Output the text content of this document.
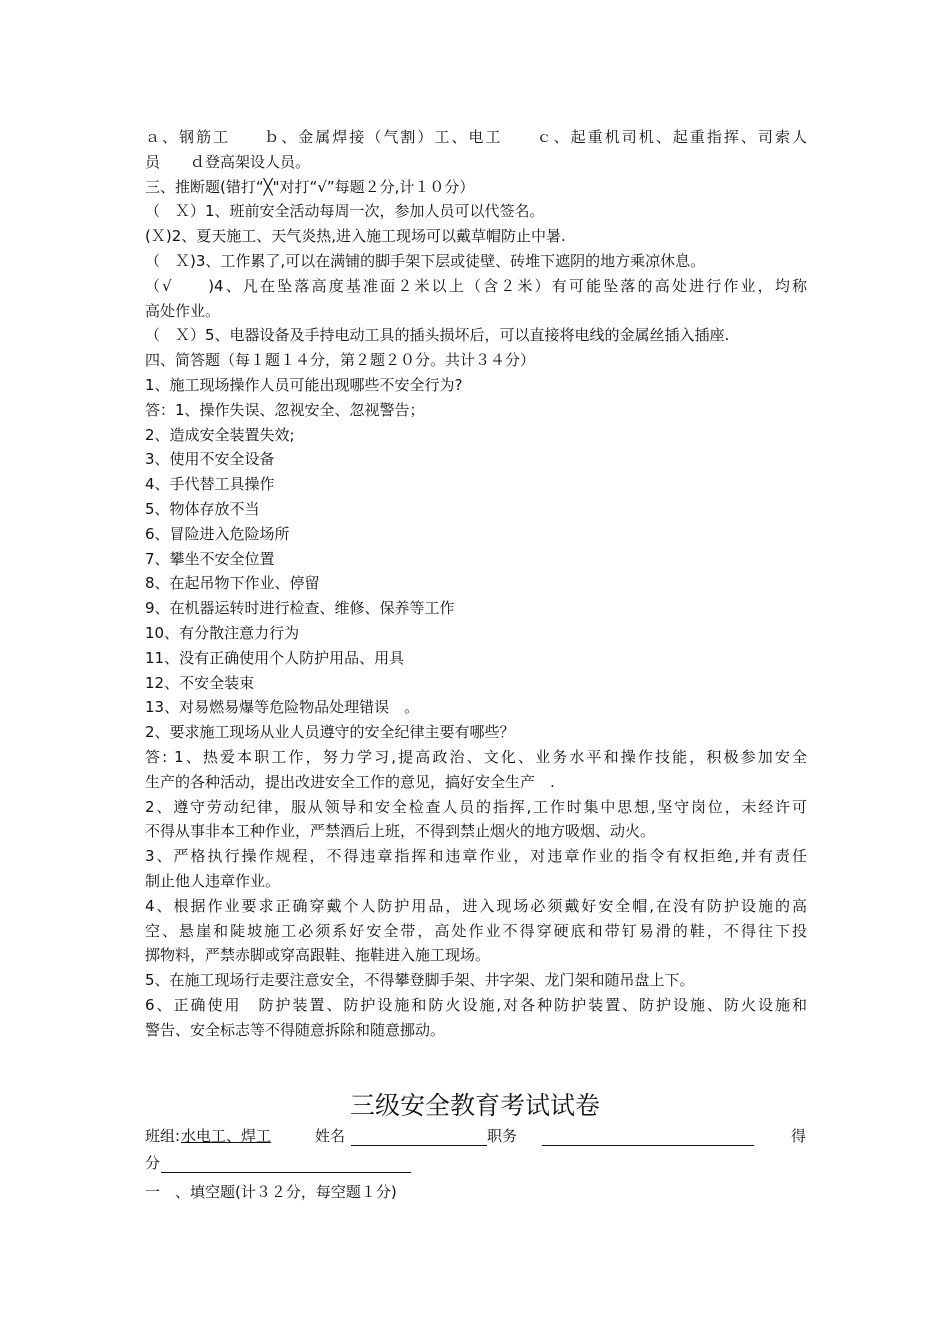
ａ、钢筋工　　ｂ、金属焊接（气割）工、电工　　ｃ、起重机司机、起重指挥、司索人
员　　ｄ登高架设人员。
三、推断题(错打“╳"对打“√”每题２分,计１０分）
（　Ｘ）1、班前安全活动每周一次，参加人员可以代签名。
(Ｘ)2、夏天施工、天气炎热,进入施工现场可以戴草帽防止中暑.
（　Ｘ)3、工作累了,可以在满铺的脚手架下层或徒壁、砖堆下遮阴的地方乘凉休息。
（√　　)4、凡在坠落高度基准面２米以上（含２米）有可能坠落的高处进行作业，均称
高处作业。
（　Ｘ）5、电器设备及手持电动工具的插头损坏后，可以直接将电线的金属丝插入插座.
四、简答题（每１题１４分，第２题２０分。共计３４分）
1、施工现场操作人员可能出现哪些不安全行为?
答：1、操作失误、忽视安全、忽视警告；
2、造成安全装置失效;
3、使用不安全设备
4、手代替工具操作
5、物体存放不当
6、冒险进入危险场所
7、攀坐不安全位置
8、在起吊物下作业、停留
9、在机器运转时进行检查、维修、保养等工作
10、有分散注意力行为
11、没有正确使用个人防护用品、用具
12、不安全装束
13、对易燃易爆等危险物品处理错误　。
2、要求施工现场从业人员遵守的安全纪律主要有哪些？
答: 1、热爱本职工作，努力学习,提高政治、文化、业务水平和操作技能，积极参加安全
生产的各种活动，提出改进安全工作的意见，搞好安全生产　.
2、遵守劳动纪律，服从领导和安全检查人员的指挥,工作时集中思想,坚守岗位，未经许可
不得从事非本工种作业，严禁酒后上班，不得到禁止烟火的地方吸烟、动火。
3、严格执行操作规程，不得违章指挥和违章作业，对违章作业的指令有权拒绝,并有责任
制止他人违章作业。
4、根据作业要求正确穿戴个人防护用品，进入现场必须戴好安全帽,在没有防护设施的高
空、悬崖和陡坡施工必须系好安全带，高处作业不得穿硬底和带钉易滑的鞋，不得往下投
掷物料，严禁赤脚或穿高跟鞋、拖鞋进入施工现场。
5、在施工现场行走要注意安全，不得攀登脚手架、井字架、龙门架和随吊盘上下。
6、正确使用　防护装置、防护设施和防火设施,对各种防护装置、防护设施、防火设施和
警告、安全标志等不得随意拆除和随意挪动。
三级安全教育考试试卷
班组: 水电工、焊工	姓名	职务	得
分
一　、填空题(计３２分，每空题１分)
